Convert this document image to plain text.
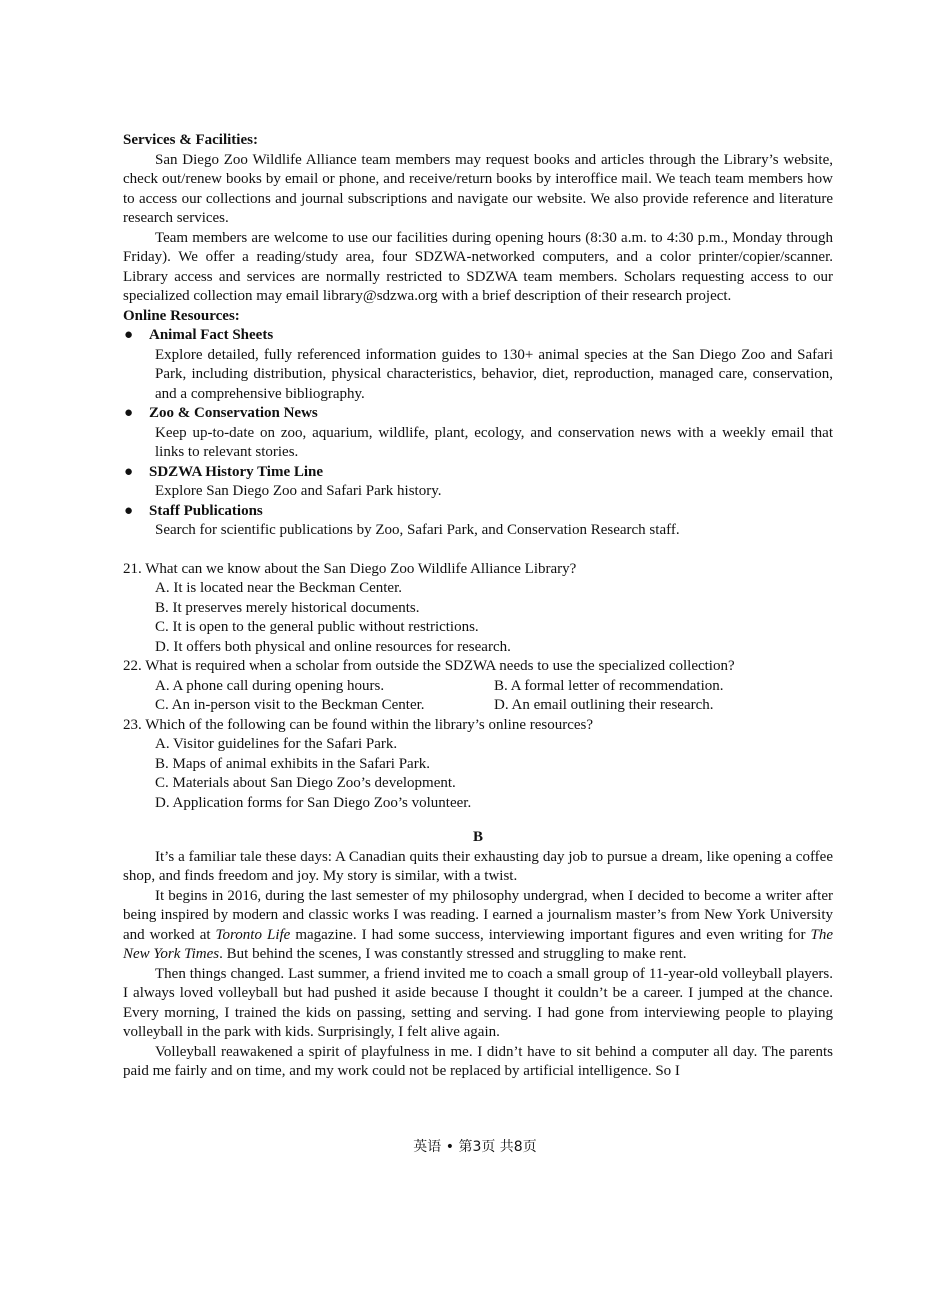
Services & Facilities:

San Diego Zoo Wildlife Alliance team members may request books and articles through the Library’s website, check out/renew books by email or phone, and receive/return books by interoffice mail. We teach team members how to access our collections and journal subscriptions and navigate our website. We also provide reference and literature research services.

Team members are welcome to use our facilities during opening hours (8:30 a.m. to 4:30 p.m., Monday through Friday). We offer a reading/study area, four SDZWA-networked computers, and a color printer/copier/scanner. Library access and services are normally restricted to SDZWA team members. Scholars requesting access to our specialized collection may email library@sdzwa.org with a brief description of their research project.

Online Resources:

● Animal Fact Sheets
Explore detailed, fully referenced information guides to 130+ animal species at the San Diego Zoo and Safari Park, including distribution, physical characteristics, behavior, diet, reproduction, managed care, conservation, and a comprehensive bibliography.
● Zoo & Conservation News
Keep up-to-date on zoo, aquarium, wildlife, plant, ecology, and conservation news with a weekly email that links to relevant stories.
● SDZWA History Time Line
Explore San Diego Zoo and Safari Park history.
● Staff Publications
Search for scientific publications by Zoo, Safari Park, and Conservation Research staff.

21. What can we know about the San Diego Zoo Wildlife Alliance Library?

A. It is located near the Beckman Center.
B. It preserves merely historical documents.
C. It is open to the general public without restrictions.
D. It offers both physical and online resources for research.

22. What is required when a scholar from outside the SDZWA needs to use the specialized collection?

A. A phone call during opening hours.	B. A formal letter of recommendation.
C. An in-person visit to the Beckman Center.	D. An email outlining their research.

23. Which of the following can be found within the library’s online resources?

A. Visitor guidelines for the Safari Park.
B. Maps of animal exhibits in the Safari Park.
C. Materials about San Diego Zoo’s development.
D. Application forms for San Diego Zoo’s volunteer.
B

It’s a familiar tale these days: A Canadian quits their exhausting day job to pursue a dream, like opening a coffee shop, and finds freedom and joy. My story is similar, with a twist.

It begins in 2016, during the last semester of my philosophy undergrad, when I decided to become a writer after being inspired by modern and classic works I was reading. I earned a journalism master’s from New York University and worked at Toronto Life magazine. I had some success, interviewing important figures and even writing for The New York Times. But behind the scenes, I was constantly stressed and struggling to make rent.

Then things changed. Last summer, a friend invited me to coach a small group of 11-year-old volleyball players. I always loved volleyball but had pushed it aside because I thought it couldn’t be a career. I jumped at the chance. Every morning, I trained the kids on passing, setting and serving. I had gone from interviewing people to playing volleyball in the park with kids. Surprisingly, I felt alive again.

Volleyball reawakened a spirit of playfulness in me. I didn’t have to sit behind a computer all day. The parents paid me fairly and on time, and my work could not be replaced by artificial intelligence. So I

英语 • 第3页 共8页
